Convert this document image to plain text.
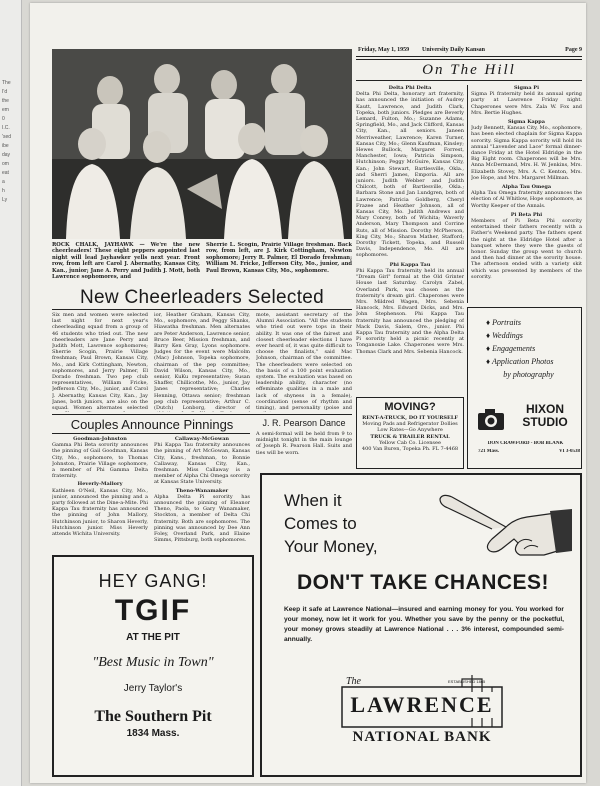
The
I'd
the
em
0
I.C.
'sed
ibe
day
om
eat
a
h
Ly
Friday, May 1, 1959	University Daily Kansan	Page 9
ROCK CHALK, JAYHAWK — We're the new cheerleaders! These eight peppers appointed last night will lead Jayhawker yells next year. Front row, from left are Carol J. Abernathy, Kansas City, Kan., junior; Jane A. Perry and Judith J. Mott, both Lawrence sophomores, and
Sherrie L. Scogin, Prairie Village freshman. Back row, from left, are J. Kirk Cottingham, Newton sophomore; Jerry R. Palmer, El Dorado freshman; William M. Fricke, Jefferson City, Mo., junior, and Paul Brown, Kansas City, Mo., sophomore.
New Cheerleaders Selected
Six men and women were selected last night for next year's cheerleading squad from a group of 46 students who tried out. The new cheerleaders are Jane Perry and Judith Mott, Lawrence sophomores; Sherrie Scogin, Prairie Village freshman; Paul Brown, Kansas City, Mo., and Kirk Cottingham, Newton, sophomores, and Jerry Palmer, El Dorado freshman. Two pep club representatives, William Fricke, Jefferson City, Mo., junior, and Carol J. Abernathy, Kansas City, Kan., Jay Janes, both juniors, are also on the squad. Women alternates selected
ior, Heather Graham, Kansas City, Mo., sophomore, and Peggy Shanks, Hiawatha freshman. Men alternates are Peter Anderson, Lawrence senior, Bruce Beer, Mission freshman, and Barry Ken Gray, Lyons sophomore. Judges for the event were Malcolm (Mac) Johnson, Topeka sophomore, chairman of the pep committee; David Wilson, Kansas City, Mo., senior, KuKu representative; Susan Shaffer, Chillicothe, Mo., junior, Jay Janes representative; Charles Henning, Ottawa senior; freshman pep club representative; Arthur C. (Dutch) Lonborg, director of
mote, assistant secretary of the Alumni Association. "All the students who tried out were tops in their ability. It was one of the fairest and closest cheerleader elections I have ever heard of, it was quite difficult to choose the finalists," said Mac Johnson, chairman of the committee. The cheerleaders were selected on the basis of a 100 point evaluation system. The evaluation was based on leadership ability, character (no effeminate qualities in a male and lack of shyness in a female), coordination (sense of rhythm and timing), and personality (poise and
Couples Announce Pinnings
Goodman-Johnston
Gamma Phi Beta sorority announces the pinning of Gail Goodman, Kansas City, Mo., sophomore, to Thomas Johnston, Prairie Village sophomore, a member of Phi Gamma Delta fraternity.
Heverly-Mallory
Kathleen O'Neil, Kansas City, Mo., junior, announced the pinning and a party followed at the Dine-a-Mite. Phi Kappa Tau fraternity has announced the pinning of John Mallory, Hutchinson junior, to Sharon Heverly, Hutchinson junior. Miss Heverly attends Wichita University.
Callaway-McGowan
Phi Kappa Tau fraternity announces the pinning of Art McGowan, Kansas City, Kans., freshman, to Bonnie Callaway, Kansas City, Kan., freshman. Miss Callaway is a member of Alpha Chi Omega sorority at Kansas State University.
Theno-Wanamaker
Alpha Delta Pi sorority has announced the pinning of Eleanor Theno, Paola, to Gary Wanamaker, Stockton, a member of Delta Chi fraternity. Both are sophomores. The pinning was announced by Dee Ann Foley, Overland Park, and Elaine Simms, Pittsburg, both sophomores.
J. R. Pearson Dance
A semi-formal will be held from 9 to midnight tonight in the main lounge of Joseph R. Pearson Hall. Suits and ties will be worn.
On The Hill
Delta Phi Delta
Delta Phi Delta, honorary art fraternity, has announced the initiation of Audrey Kautt, Lawrence, and Judith Clark, Topeka, both juniors. Pledges are Beverly Lemard, Fulton, Mo.; Suzanne Adams, Springfield, Mo., and Jack Clifford, Kansas City, Kan., all seniors. Janeen Merriweather, Lawrence; Karen Turner, Kansas City, Mo.; Glenn Kaufman, Kinsley; Hewes Bullock, Margaret Forrest, Manchester, Iowa; Patricia Simpson, Hutchinson; Peggy McGuire, Kansas City, Kan.; John Stewart, Bartlesville, Okla., and Sherri James, Emporia. All are juniors. Judith Webber and Judith Chilcott, both of Bartlesville, Okla.; Barbara Stone and Jan Lundgren, both of Lawrence; Patricia Goldberg, Cheryl Frazee and Heather Johnson, all of Kansas City, Mo. Judith Andrews and Mary Conrey, both of Wichita; Waverly Anderson, Mary Thompson and Corrine Ruts, all of Mission. Dorothy McPherson, King City, Mo.; Sharon Mather, Stafford; Dorothy Tickett, Topeka, and Russell Davis, Independence, Mo. All are sophomores.
Phi Kappa Tau
Phi Kappa Tau fraternity held its annual "Dream Girl" formal at the Old Grinter House last Saturday. Carolyn Zabel, Overland Park, was chosen as the fraternity's dream girl. Chaperones were Mrs. Mildred Wagen, Mrs. Sebenia Hancock, Mrs. Edward Dicks, and Mrs. John Stephenson. Phi Kappa Tau fraternity has announced the pledging of Mack Davis, Salem, Ore., junior. Phi Kappa Tau fraternity and the Alpha Delta Pi sorority held a picnic recently at Tonganoxie Lake. Chaperones were Mrs. Thomas Clark and Mrs. Sebenia Hancock.
Sigma Pi
Sigma Pi fraternity held its annual spring party at Lawrence Friday night. Chaperones were Mrs. Zala W. Fox and Mrs. Bertie Hughes.
Sigma Kappa
Judy Bennett, Kansas City, Mo., sophomore, has been elected chaplain for Sigma Kappa sorority. Sigma Kappa sorority will hold its annual "Lavender and Lace" formal dinner-dance Friday at the Hotel Eldridge in the Big Eight room. Chaperones will be Mrs. Anna McDermand, Mrs. H. W. Jenkins, Mrs. Elizabeth Stovey, Mrs. A. C. Kenton, Mrs. Joe Hope, and Mrs. Margaret Millman.
Alpha Tau Omega
Alpha Tau Omega fraternity announces the election of Al Whitlow, Hope sophomore, as Worthy Keeper of the Annals.
Pi Beta Phi
Members of Pi Beta Phi sorority entertained their fathers recently with a Father's Weekend party. The fathers spent the night at the Eldridge Hotel after a banquet where they were the guests of honor. Sunday the group went to church and then had dinner at the sorority house. The afternoon ended with a variety skit which was presented by members of the sorority.
MOVING?
RENT-A-TRUCK, DO IT YOURSELF
Moving Pads and Refrigerator Dollies
Low Rates—Go Anywhere
TRUCK & TRAILER RENTAL
Yellow Cab Co. Licensee
400 Van Buren, Topeka Ph. FL 7-4468
♦ Portraits
♦ Weddings
♦ Engagements
♦ Application Photos
by photography
HIXON
STUDIO
DON CRAWFORD - BOB BLANK
721 Mass.	VI 3-0538
HEY GANG!
TGIF
AT THE PIT
"Best Music in Town"
Jerry Taylor's
The Southern Pit
1834 Mass.
When it
Comes to
Your Money,
DON'T TAKE CHANCES!
Keep it safe at Lawrence National—insured and earning money for you. You worked for your money, now let it work for you. Whether you save by the penny or the pocketful, your money grows steadily at Lawrence National . . . 3% interest, compounded semi-annually.
The	ESTABLISHED 1865
LAWRENCE
NATIONAL BANK
